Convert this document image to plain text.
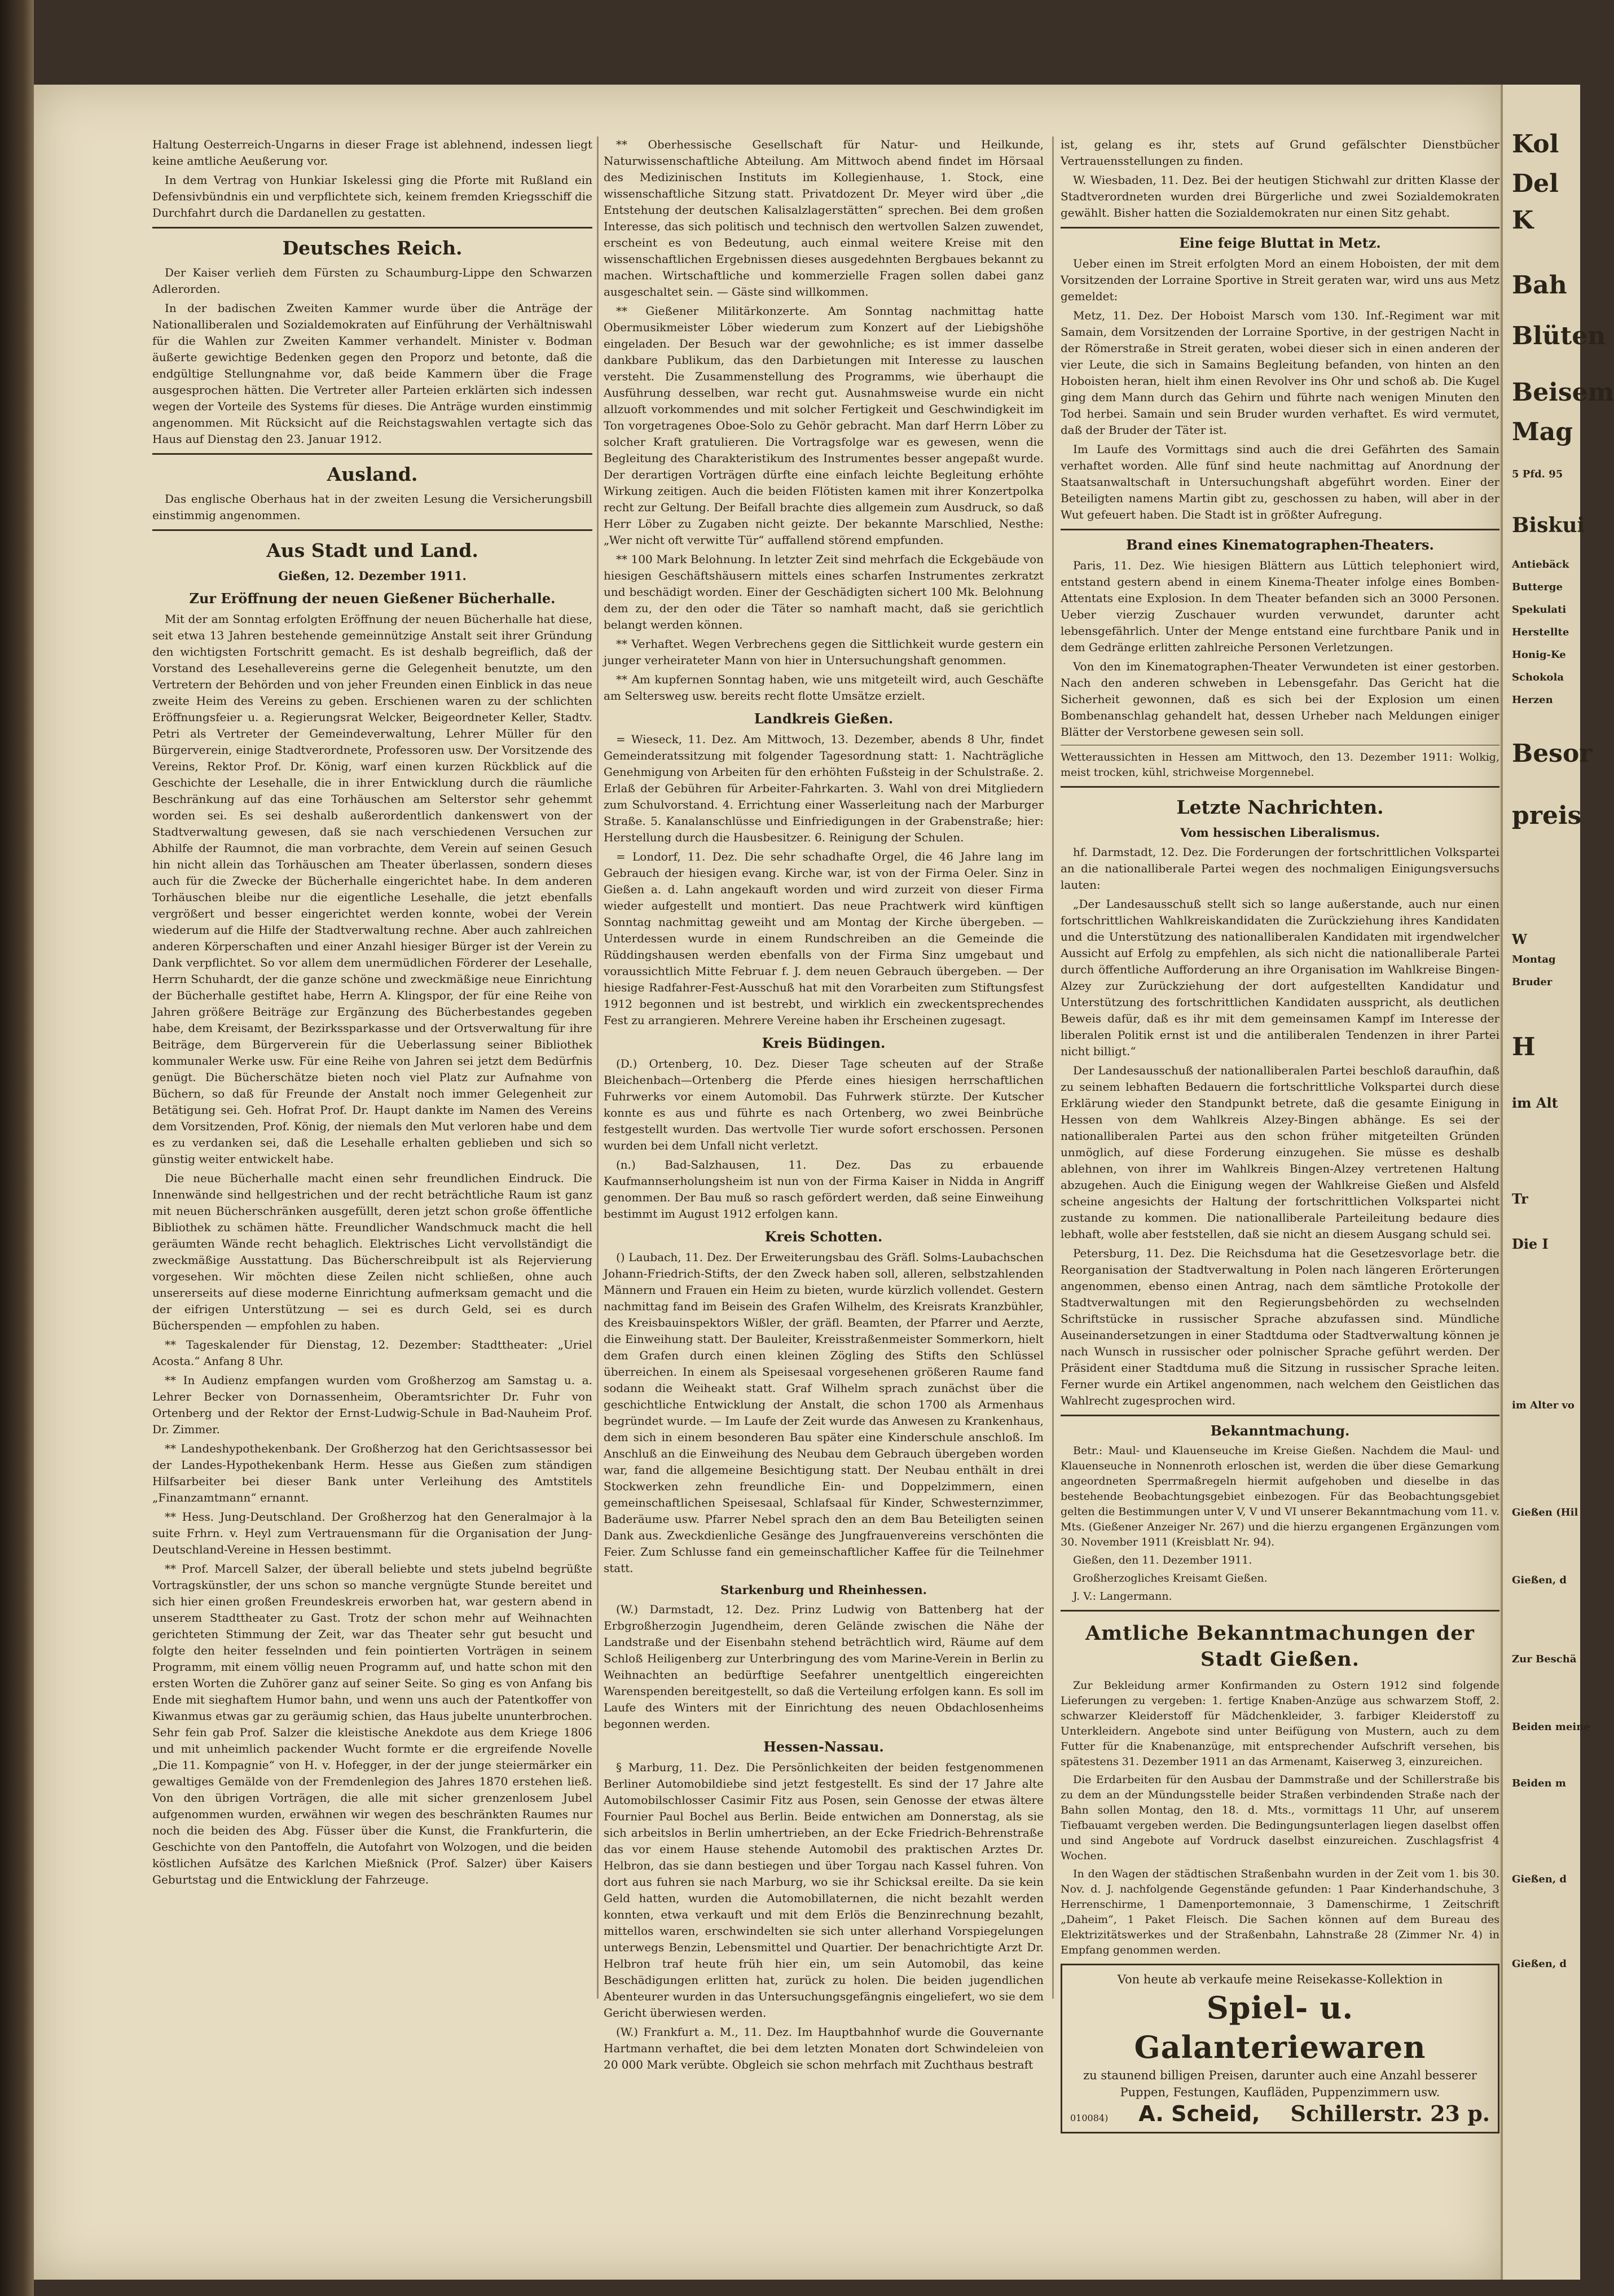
Haltung Oesterreich-Ungarns in dieser Frage ist ablehnend, indessen liegt keine amtliche Aeußerung vor.

In dem Vertrag von Hunkiar Iskelessi ging die Pforte mit Rußland ein Defensivbündnis ein und verpflichtete sich, keinem fremden Kriegsschiff die Durchfahrt durch die Dardanellen zu gestatten.

Deutsches Reich.

Der Kaiser verlieh dem Fürsten zu Schaumburg-Lippe den Schwarzen Adlerorden.

In der badischen Zweiten Kammer wurde über die Anträge der Nationalliberalen und Sozialdemokraten auf Einführung der Verhältniswahl für die Wahlen zur Zweiten Kammer verhandelt. Minister v. Bodman äußerte gewichtige Bedenken gegen den Proporz und betonte, daß die endgültige Stellungnahme vor, daß beide Kammern über die Frage ausgesprochen hätten. Die Vertreter aller Parteien erklärten sich indessen wegen der Vorteile des Systems für dieses. Die Anträge wurden einstimmig angenommen. Mit Rücksicht auf die Reichstagswahlen vertagte sich das Haus auf Dienstag den 23. Januar 1912.

Ausland.

Das englische Oberhaus hat in der zweiten Lesung die Versicherungsbill einstimmig angenommen.

Aus Stadt und Land.
Gießen, 12. Dezember 1911.
Zur Eröffnung der neuen Gießener Bücherhalle.

Mit der am Sonntag erfolgten Eröffnung der neuen Bücherhalle hat diese, seit etwa 13 Jahren bestehende gemeinnützige Anstalt seit ihrer Gründung den wichtigsten Fortschritt gemacht. Es ist deshalb begreiflich, daß der Vorstand des Lesehallevereins gerne die Gelegenheit benutzte, um den Vertretern der Behörden und von jeher Freunden einen Einblick in das neue zweite Heim des Vereins zu geben. Erschienen waren zu der schlichten Eröffnungsfeier u. a. Regierungsrat Welcker, Beigeordneter Keller, Stadtv. Petri als Vertreter der Gemeindeverwaltung, Lehrer Müller für den Bürgerverein, einige Stadtverordnete, Professoren usw. Der Vorsitzende des Vereins, Rektor Prof. Dr. König, warf einen kurzen Rückblick auf die Geschichte der Lesehalle, die in ihrer Entwicklung durch die räumliche Beschränkung auf das eine Torhäuschen am Selterstor sehr gehemmt worden sei. Es sei deshalb außerordentlich dankenswert von der Stadtverwaltung gewesen, daß sie nach verschiedenen Versuchen zur Abhilfe der Raumnot, die man vorbrachte, dem Verein auf seinen Gesuch hin nicht allein das Torhäuschen am Theater überlassen, sondern dieses auch für die Zwecke der Bücherhalle eingerichtet habe. In dem anderen Torhäuschen bleibe nur die eigentliche Lesehalle, die jetzt ebenfalls vergrößert und besser eingerichtet werden konnte, wobei der Verein wiederum auf die Hilfe der Stadtverwaltung rechne. Aber auch zahlreichen anderen Körperschaften und einer Anzahl hiesiger Bürger ist der Verein zu Dank verpflichtet. So vor allem dem unermüdlichen Förderer der Lesehalle, Herrn Schuhardt, der die ganze schöne und zweckmäßige neue Einrichtung der Bücherhalle gestiftet habe, Herrn A. Klingspor, der für eine Reihe von Jahren größere Beiträge zur Ergänzung des Bücherbestandes gegeben habe, dem Kreisamt, der Bezirkssparkasse und der Ortsverwaltung für ihre Beiträge, dem Bürgerverein für die Ueberlassung seiner Bibliothek kommunaler Werke usw. Für eine Reihe von Jahren sei jetzt dem Bedürfnis genügt. Die Bücherschätze bieten noch viel Platz zur Aufnahme von Büchern, so daß für Freunde der Anstalt noch immer Gelegenheit zur Betätigung sei. Geh. Hofrat Prof. Dr. Haupt dankte im Namen des Vereins dem Vorsitzenden, Prof. König, der niemals den Mut verloren habe und dem es zu verdanken sei, daß die Lesehalle erhalten geblieben und sich so günstig weiter entwickelt habe.

Die neue Bücherhalle macht einen sehr freundlichen Eindruck. Die Innenwände sind hellgestrichen und der recht beträchtliche Raum ist ganz mit neuen Bücherschränken ausgefüllt, deren jetzt schon große öffentliche Bibliothek zu schämen hätte. Freundlicher Wandschmuck macht die hell geräumten Wände recht behaglich. Elektrisches Licht vervollständigt die zweckmäßige Ausstattung. Das Bücherschreibpult ist als Rejervierung vorgesehen. Wir möchten diese Zeilen nicht schließen, ohne auch unsererseits auf diese moderne Einrichtung aufmerksam gemacht und die der eifrigen Unterstützung — sei es durch Geld, sei es durch Bücherspenden — empfohlen zu haben.

** Tageskalender für Dienstag, 12. Dezember: Stadttheater: „Uriel Acosta.“ Anfang 8 Uhr.

** In Audienz empfangen wurden vom Großherzog am Samstag u. a. Lehrer Becker von Dornassenheim, Oberamtsrichter Dr. Fuhr von Ortenberg und der Rektor der Ernst-Ludwig-Schule in Bad-Nauheim Prof. Dr. Zimmer.

** Landeshypothekenbank. Der Großherzog hat den Gerichtsassessor bei der Landes-Hypothekenbank Herm. Hesse aus Gießen zum ständigen Hilfsarbeiter bei dieser Bank unter Verleihung des Amtstitels „Finanzamtmann“ ernannt.

** Hess. Jung-Deutschland. Der Großherzog hat den Generalmajor à la suite Frhrn. v. Heyl zum Vertrauensmann für die Organisation der Jung-Deutschland-Vereine in Hessen bestimmt.

** Prof. Marcell Salzer, der überall beliebte und stets jubelnd begrüßte Vortragskünstler, der uns schon so manche vergnügte Stunde bereitet und sich hier einen großen Freundeskreis erworben hat, war gestern abend in unserem Stadttheater zu Gast. Trotz der schon mehr auf Weihnachten gerichteten Stimmung der Zeit, war das Theater sehr gut besucht und folgte den heiter fesselnden und fein pointierten Vorträgen in seinem Programm, mit einem völlig neuen Programm auf, und hatte schon mit den ersten Worten die Zuhörer ganz auf seiner Seite. So ging es von Anfang bis Ende mit sieghaftem Humor bahn, und wenn uns auch der Patentkoffer von Kiwanmus etwas gar zu geräumig schien, das Haus jubelte ununterbrochen. Sehr fein gab Prof. Salzer die kleistische Anekdote aus dem Kriege 1806 und mit unheimlich packender Wucht formte er die ergreifende Novelle „Die 11. Kompagnie“ von H. v. Hofegger, in der der junge steiermärker ein gewaltiges Gemälde von der Fremdenlegion des Jahres 1870 erstehen ließ. Von den übrigen Vorträgen, die alle mit sicher grenzenlosem Jubel aufgenommen wurden, erwähnen wir wegen des beschränkten Raumes nur noch die beiden des Abg. Füsser über die Kunst, die Frankfurterin, die Geschichte von den Pantoffeln, die Autofahrt von Wolzogen, und die beiden köstlichen Aufsätze des Karlchen Mießnick (Prof. Salzer) über Kaisers Geburtstag und die Entwicklung der Fahrzeuge.

** Oberhessische Gesellschaft für Natur- und Heilkunde, Naturwissenschaftliche Abteilung. Am Mittwoch abend findet im Hörsaal des Medizinischen Instituts im Kollegienhause, 1. Stock, eine wissenschaftliche Sitzung statt. Privatdozent Dr. Meyer wird über „die Entstehung der deutschen Kalisalzlagerstätten“ sprechen. Bei dem großen Interesse, das sich politisch und technisch den wertvollen Salzen zuwendet, erscheint es von Bedeutung, auch einmal weitere Kreise mit den wissenschaftlichen Ergebnissen dieses ausgedehnten Bergbaues bekannt zu machen. Wirtschaftliche und kommerzielle Fragen sollen dabei ganz ausgeschaltet sein. — Gäste sind willkommen.

** Gießener Militärkonzerte. Am Sonntag nachmittag hatte Obermusikmeister Löber wiederum zum Konzert auf der Liebigshöhe eingeladen. Der Besuch war der gewohnliche; es ist immer dasselbe dankbare Publikum, das den Darbietungen mit Interesse zu lauschen versteht. Die Zusammenstellung des Programms, wie überhaupt die Ausführung desselben, war recht gut. Ausnahmsweise wurde ein nicht allzuoft vorkommendes und mit solcher Fertigkeit und Geschwindigkeit im Ton vorgetragenes Oboe-Solo zu Gehör gebracht. Man darf Herrn Löber zu solcher Kraft gratulieren. Die Vortragsfolge war es gewesen, wenn die Begleitung des Charakteristikum des Instrumentes besser angepaßt wurde. Der derartigen Vorträgen dürfte eine einfach leichte Begleitung erhöhte Wirkung zeitigen. Auch die beiden Flötisten kamen mit ihrer Konzertpolka recht zur Geltung. Der Beifall brachte dies allgemein zum Ausdruck, so daß Herr Löber zu Zugaben nicht geizte. Der bekannte Marschlied, Nesthe: „Wer nicht oft verwitte Tür“ auffallend störend empfunden.

** 100 Mark Belohnung. In letzter Zeit sind mehrfach die Eckgebäude von hiesigen Geschäftshäusern mittels eines scharfen Instrumentes zerkratzt und beschädigt worden. Einer der Geschädigten sichert 100 Mk. Belohnung dem zu, der den oder die Täter so namhaft macht, daß sie gerichtlich belangt werden können.

** Verhaftet. Wegen Verbrechens gegen die Sittlichkeit wurde gestern ein junger verheirateter Mann von hier in Untersuchungshaft genommen.

** Am kupfernen Sonntag haben, wie uns mitgeteilt wird, auch Geschäfte am Seltersweg usw. bereits recht flotte Umsätze erzielt.

Landkreis Gießen.

= Wieseck, 11. Dez. Am Mittwoch, 13. Dezember, abends 8 Uhr, findet Gemeinderatssitzung mit folgender Tagesordnung statt: 1. Nachträgliche Genehmigung von Arbeiten für den erhöhten Fußsteig in der Schulstraße. 2. Erlaß der Gebühren für Arbeiter-Fahrkarten. 3. Wahl von drei Mitgliedern zum Schulvorstand. 4. Errichtung einer Wasserleitung nach der Marburger Straße. 5. Kanalanschlüsse und Einfriedigungen in der Grabenstraße; hier: Herstellung durch die Hausbesitzer. 6. Reinigung der Schulen.

= Londorf, 11. Dez. Die sehr schadhafte Orgel, die 46 Jahre lang im Gebrauch der hiesigen evang. Kirche war, ist von der Firma Oeler. Sinz in Gießen a. d. Lahn angekauft worden und wird zurzeit von dieser Firma wieder aufgestellt und montiert. Das neue Prachtwerk wird künftigen Sonntag nachmittag geweiht und am Montag der Kirche übergeben. — Unterdessen wurde in einem Rundschreiben an die Gemeinde die Rüddingshausen werden ebenfalls von der Firma Sinz umgebaut und voraussichtlich Mitte Februar f. J. dem neuen Gebrauch übergeben. — Der hiesige Radfahrer-Fest-Ausschuß hat mit den Vorarbeiten zum Stiftungsfest 1912 begonnen und ist bestrebt, und wirklich ein zweckentsprechendes Fest zu arrangieren. Mehrere Vereine haben ihr Erscheinen zugesagt.

Kreis Büdingen.

(D.) Ortenberg, 10. Dez. Dieser Tage scheuten auf der Straße Bleichenbach—Ortenberg die Pferde eines hiesigen herrschaftlichen Fuhrwerks vor einem Automobil. Das Fuhrwerk stürzte. Der Kutscher konnte es aus und führte es nach Ortenberg, wo zwei Beinbrüche festgestellt wurden. Das wertvolle Tier wurde sofort erschossen. Personen wurden bei dem Unfall nicht verletzt.

(n.) Bad-Salzhausen, 11. Dez. Das zu erbauende Kaufmannserholungsheim ist nun von der Firma Kaiser in Nidda in Angriff genommen. Der Bau muß so rasch gefördert werden, daß seine Einweihung bestimmt im August 1912 erfolgen kann.

Kreis Schotten.

() Laubach, 11. Dez. Der Erweiterungsbau des Gräfl. Solms-Laubachschen Johann-Friedrich-Stifts, der den Zweck haben soll, alleren, selbstzahlenden Männern und Frauen ein Heim zu bieten, wurde kürzlich vollendet. Gestern nachmittag fand im Beisein des Grafen Wilhelm, des Kreisrats Kranzbühler, des Kreisbauinspektors Wißler, der gräfl. Beamten, der Pfarrer und Aerzte, die Einweihung statt. Der Bauleiter, Kreisstraßenmeister Sommerkorn, hielt dem Grafen durch einen kleinen Zögling des Stifts den Schlüssel überreichen. In einem als Speisesaal vorgesehenen größeren Raume fand sodann die Weiheakt statt. Graf Wilhelm sprach zunächst über die geschichtliche Entwicklung der Anstalt, die schon 1700 als Armenhaus begründet wurde. — Im Laufe der Zeit wurde das Anwesen zu Krankenhaus, dem sich in einem besonderen Bau später eine Kinderschule anschloß. Im Anschluß an die Einweihung des Neubau dem Gebrauch übergeben worden war, fand die allgemeine Besichtigung statt. Der Neubau enthält in drei Stockwerken zehn freundliche Ein- und Doppelzimmern, einen gemeinschaftlichen Speisesaal, Schlafsaal für Kinder, Schwesternzimmer, Baderäume usw. Pfarrer Nebel sprach den an dem Bau Beteiligten seinen Dank aus. Zweckdienliche Gesänge des Jungfrauenvereins verschönten die Feier. Zum Schlusse fand ein gemeinschaftlicher Kaffee für die Teilnehmer statt.

Starkenburg und Rheinhessen.

(W.) Darmstadt, 12. Dez. Prinz Ludwig von Battenberg hat der Erbgroßherzogin Jugendheim, deren Gelände zwischen die Nähe der Landstraße und der Eisenbahn stehend beträchtlich wird, Räume auf dem Schloß Heiligenberg zur Unterbringung des vom Marine-Verein in Berlin zu Weihnachten an bedürftige Seefahrer unentgeltlich eingereichten Warenspenden bereitgestellt, so daß die Verteilung erfolgen kann. Es soll im Laufe des Winters mit der Einrichtung des neuen Obdachlosenheims begonnen werden.

Hessen-Nassau.

§ Marburg, 11. Dez. Die Persönlichkeiten der beiden festgenommenen Berliner Automobildiebe sind jetzt festgestellt. Es sind der 17 Jahre alte Automobilschlosser Casimir Fitz aus Posen, sein Genosse der etwas ältere Fournier Paul Bochel aus Berlin. Beide entwichen am Donnerstag, als sie sich arbeitslos in Berlin umhertrieben, an der Ecke Friedrich-Behrenstraße das vor einem Hause stehende Automobil des praktischen Arztes Dr. Helbron, das sie dann bestiegen und über Torgau nach Kassel fuhren. Von dort aus fuhren sie nach Marburg, wo sie ihr Schicksal ereilte. Da sie kein Geld hatten, wurden die Automobillaternen, die nicht bezahlt werden konnten, etwa verkauft und mit dem Erlös die Benzinrechnung bezahlt, mittellos waren, erschwindelten sie sich unter allerhand Vorspiegelungen unterwegs Benzin, Lebensmittel und Quartier. Der benachrichtigte Arzt Dr. Helbron traf heute früh hier ein, um sein Automobil, das keine Beschädigungen erlitten hat, zurück zu holen. Die beiden jugendlichen Abenteurer wurden in das Untersuchungsgefängnis eingeliefert, wo sie dem Gericht überwiesen werden.

(W.) Frankfurt a. M., 11. Dez. Im Hauptbahnhof wurde die Gouvernante Hartmann verhaftet, die bei dem letzten Monaten dort Schwindeleien von 20 000 Mark verübte. Obgleich sie schon mehrfach mit Zuchthaus bestraft

ist, gelang es ihr, stets auf Grund gefälschter Dienstbücher Vertrauensstellungen zu finden.

W. Wiesbaden, 11. Dez. Bei der heutigen Stichwahl zur dritten Klasse der Stadtverordneten wurden drei Bürgerliche und zwei Sozialdemokraten gewählt. Bisher hatten die Sozialdemokraten nur einen Sitz gehabt.

Eine feige Bluttat in Metz.

Ueber einen im Streit erfolgten Mord an einem Hoboisten, der mit dem Vorsitzenden der Lorraine Sportive in Streit geraten war, wird uns aus Metz gemeldet:

Metz, 11. Dez. Der Hoboist Marsch vom 130. Inf.-Regiment war mit Samain, dem Vorsitzenden der Lorraine Sportive, in der gestrigen Nacht in der Römerstraße in Streit geraten, wobei dieser sich in einen anderen der vier Leute, die sich in Samains Begleitung befanden, von hinten an den Hoboisten heran, hielt ihm einen Revolver ins Ohr und schoß ab. Die Kugel ging dem Mann durch das Gehirn und führte nach wenigen Minuten den Tod herbei. Samain und sein Bruder wurden verhaftet. Es wird vermutet, daß der Bruder der Täter ist.

Im Laufe des Vormittags sind auch die drei Gefährten des Samain verhaftet worden. Alle fünf sind heute nachmittag auf Anordnung der Staatsanwaltschaft in Untersuchungshaft abgeführt worden. Einer der Beteiligten namens Martin gibt zu, geschossen zu haben, will aber in der Wut gefeuert haben. Die Stadt ist in größter Aufregung.

Brand eines Kinematographen-Theaters.

Paris, 11. Dez. Wie hiesigen Blättern aus Lüttich telephoniert wird, entstand gestern abend in einem Kinema-Theater infolge eines Bomben-Attentats eine Explosion. In dem Theater befanden sich an 3000 Personen. Ueber vierzig Zuschauer wurden verwundet, darunter acht lebensgefährlich. Unter der Menge entstand eine furchtbare Panik und in dem Gedränge erlitten zahlreiche Personen Verletzungen.

Von den im Kinematographen-Theater Verwundeten ist einer gestorben. Nach den anderen schweben in Lebensgefahr. Das Gericht hat die Sicherheit gewonnen, daß es sich bei der Explosion um einen Bombenanschlag gehandelt hat, dessen Urheber nach Meldungen einiger Blätter der Verstorbene gewesen sein soll.

Wetteraussichten in Hessen am Mittwoch, den 13. Dezember 1911: Wolkig, meist trocken, kühl, strichweise Morgennebel.

Letzte Nachrichten.
Vom hessischen Liberalismus.

hf. Darmstadt, 12. Dez. Die Forderungen der fortschrittlichen Volkspartei an die nationalliberale Partei wegen des nochmaligen Einigungsversuchs lauten:

„Der Landesausschuß stellt sich so lange außerstande, auch nur einen fortschrittlichen Wahlkreiskandidaten die Zurückziehung ihres Kandidaten und die Unterstützung des nationalliberalen Kandidaten mit irgendwelcher Aussicht auf Erfolg zu empfehlen, als sich nicht die nationalliberale Partei durch öffentliche Aufforderung an ihre Organisation im Wahlkreise Bingen-Alzey zur Zurückziehung der dort aufgestellten Kandidatur und Unterstützung des fortschrittlichen Kandidaten ausspricht, als deutlichen Beweis dafür, daß es ihr mit dem gemeinsamen Kampf im Interesse der liberalen Politik ernst ist und die antiliberalen Tendenzen in ihrer Partei nicht billigt.“

Der Landesausschuß der nationalliberalen Partei beschloß daraufhin, daß zu seinem lebhaften Bedauern die fortschrittliche Volkspartei durch diese Erklärung wieder den Standpunkt betrete, daß die gesamte Einigung in Hessen von dem Wahlkreis Alzey-Bingen abhänge. Es sei der nationalliberalen Partei aus den schon früher mitgeteilten Gründen unmöglich, auf diese Forderung einzugehen. Sie müsse es deshalb ablehnen, von ihrer im Wahlkreis Bingen-Alzey vertretenen Haltung abzugehen. Auch die Einigung wegen der Wahlkreise Gießen und Alsfeld scheine angesichts der Haltung der fortschrittlichen Volkspartei nicht zustande zu kommen. Die nationalliberale Parteileitung bedaure dies lebhaft, wolle aber feststellen, daß sie nicht an diesem Ausgang schuld sei.

Petersburg, 11. Dez. Die Reichsduma hat die Gesetzesvorlage betr. die Reorganisation der Stadtverwaltung in Polen nach längeren Erörterungen angenommen, ebenso einen Antrag, nach dem sämtliche Protokolle der Stadtverwaltungen mit den Regierungsbehörden zu wechselnden Schriftstücke in russischer Sprache abzufassen sind. Mündliche Auseinandersetzungen in einer Stadtduma oder Stadtverwaltung können je nach Wunsch in russischer oder polnischer Sprache geführt werden. Der Präsident einer Stadtduma muß die Sitzung in russischer Sprache leiten. Ferner wurde ein Artikel angenommen, nach welchem den Geistlichen das Wahlrecht zugesprochen wird.

Bekanntmachung.

Betr.: Maul- und Klauenseuche im Kreise Gießen. Nachdem die Maul- und Klauenseuche in Nonnenroth erloschen ist, werden die über diese Gemarkung angeordneten Sperrmaßregeln hiermit aufgehoben und dieselbe in das bestehende Beobachtungsgebiet einbezogen. Für das Beobachtungsgebiet gelten die Bestimmungen unter V, V und VI unserer Bekanntmachung vom 11. v. Mts. (Gießener Anzeiger Nr. 267) und die hierzu ergangenen Ergänzungen vom 30. November 1911 (Kreisblatt Nr. 94).

Gießen, den 11. Dezember 1911.

Großherzogliches Kreisamt Gießen.

J. V.: Langermann.

Amtliche Bekanntmachungen der Stadt Gießen.

Zur Bekleidung armer Konfirmanden zu Ostern 1912 sind folgende Lieferungen zu vergeben: 1. fertige Knaben-Anzüge aus schwarzem Stoff, 2. schwarzer Kleiderstoff für Mädchenkleider, 3. farbiger Kleiderstoff zu Unterkleidern. Angebote sind unter Beifügung von Mustern, auch zu dem Futter für die Knabenanzüge, mit entsprechender Aufschrift versehen, bis spätestens 31. Dezember 1911 an das Armenamt, Kaiserweg 3, einzureichen.

Die Erdarbeiten für den Ausbau der Dammstraße und der Schillerstraße bis zu dem an der Mündungsstelle beider Straßen verbindenden Straße nach der Bahn sollen Montag, den 18. d. Mts., vormittags 11 Uhr, auf unserem Tiefbauamt vergeben werden. Die Bedingungsunterlagen liegen daselbst offen und sind Angebote auf Vordruck daselbst einzureichen. Zuschlagsfrist 4 Wochen.

In den Wagen der städtischen Straßenbahn wurden in der Zeit vom 1. bis 30. Nov. d. J. nachfolgende Gegenstände gefunden: 1 Paar Kinderhandschuhe, 3 Herrenschirme, 1 Damenportemonnaie, 3 Damenschirme, 1 Zeitschrift „Daheim“, 1 Paket Fleisch. Die Sachen können auf dem Bureau des Elektrizitätswerkes und der Straßenbahn, Lahnstraße 28 (Zimmer Nr. 4) in Empfang genommen werden.

Von heute ab verkaufe meine Reisekasse-Kollektion in
Spiel- u. Galanteriewaren
zu staunend billigen Preisen, darunter auch eine Anzahl besserer Puppen, Festungen, Kaufläden, Puppenzimmern usw.
010084) A. Scheid, Schillerstr. 23 p.
Kol
Del
K
Bah
Blüten
Beisem
Mag
5 Pfd. 95
Biskui
Antiebäck
Butterge
Spekulati
Herstellte
Honig-Ke
Schokola
Herzen
Besor
preis
W
Montag
Bruder
H
im Alt
Tr
Die I
im Alter vo
Gießen (Hil
Gießen, d
Zur Beschä
Beiden meine
Beiden m
Gießen, d
Gießen, d
